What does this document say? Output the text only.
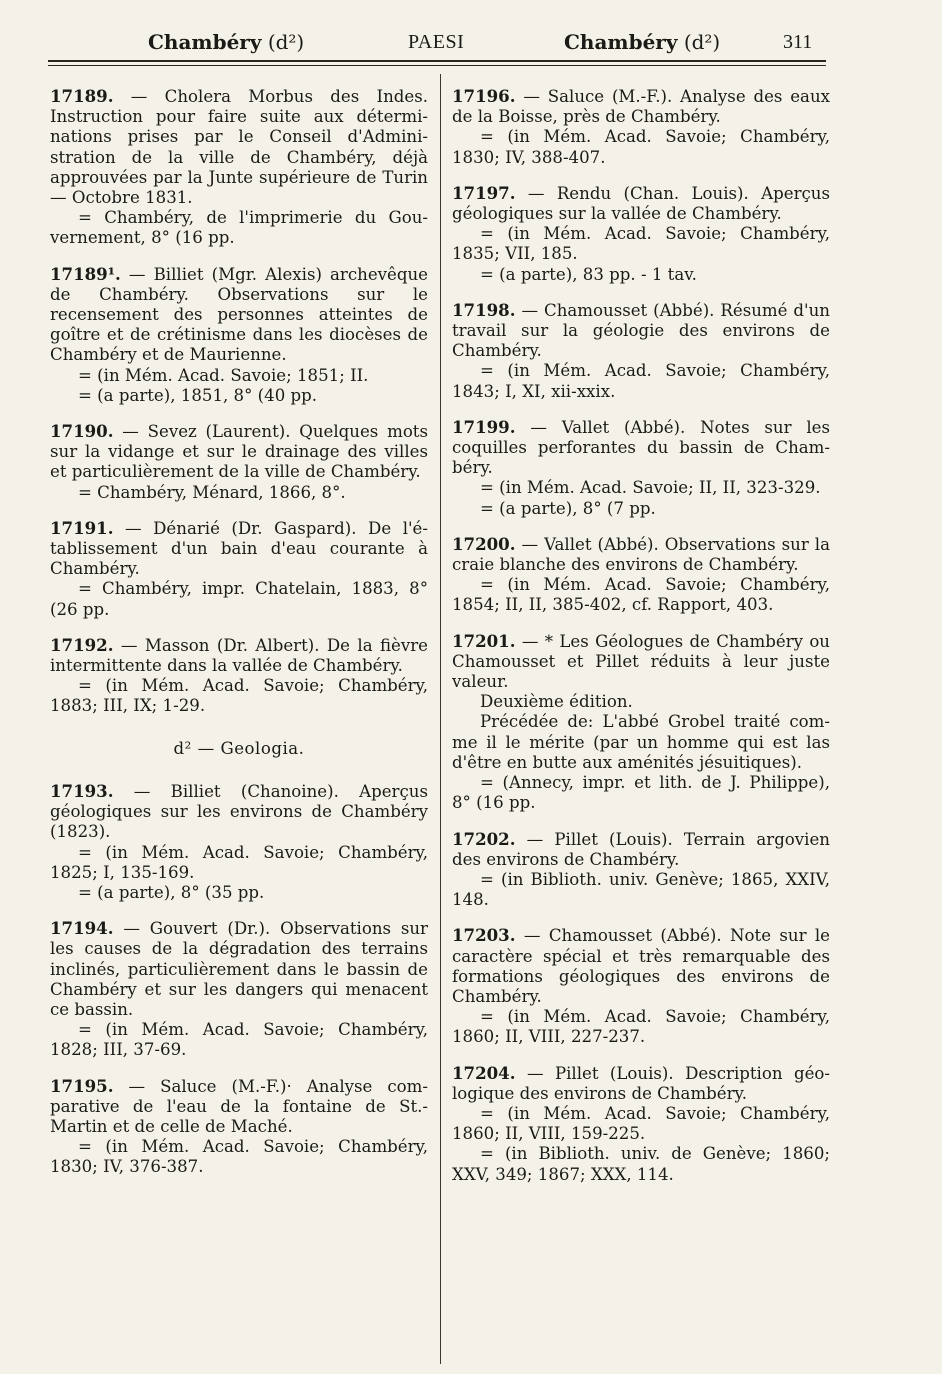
Chambéry (d²)	PAESI	Chambéry (d²)	311

17189. — Cholera Morbus des Indes. Instruction pour faire suite aux déterminations prises par le Conseil d'Administration de la ville de Chambéry, déjà approuvées par la Junte supérieure de Turin — Octobre 1831.

= Chambéry, de l'imprimerie du Gouvernement, 8° (16 pp.

17189¹. — Billiet (Mgr. Alexis) archevêque de Chambéry. Observations sur le recensement des personnes atteintes de goître et de crétinisme dans les diocèses de Chambéry et de Maurienne.

= (in Mém. Acad. Savoie; 1851; II.

= (a parte), 1851, 8° (40 pp.

17190. — Sevez (Laurent). Quelques mots sur la vidange et sur le drainage des villes et particulièrement de la ville de Chambéry.

= Chambéry, Ménard, 1866, 8°.

17191. — Dénarié (Dr. Gaspard). De l'établissement d'un bain d'eau courante à Chambéry.

= Chambéry, impr. Chatelain, 1883, 8° (26 pp.

17192. — Masson (Dr. Albert). De la fièvre intermittente dans la vallée de Chambéry.

= (in Mém. Acad. Savoie; Chambéry, 1883; III, IX; 1-29.

d² — Geologia.

17193. — Billiet (Chanoine). Aperçus géologiques sur les environs de Chambéry (1823).

= (in Mém. Acad. Savoie; Chambéry, 1825; I, 135-169.

= (a parte), 8° (35 pp.

17194. — Gouvert (Dr.). Observations sur les causes de la dégradation des terrains inclinés, particulièrement dans le bassin de Chambéry et sur les dangers qui menacent ce bassin.

= (in Mém. Acad. Savoie; Chambéry, 1828; III, 37-69.

17195. — Saluce (M.-F.)· Analyse comparative de l'eau de la fontaine de St.-Martin et de celle de Maché.

= (in Mém. Acad. Savoie; Chambéry, 1830; IV, 376-387.

17196. — Saluce (M.-F.). Analyse des eaux de la Boisse, près de Chambéry.

= (in Mém. Acad. Savoie; Chambéry, 1830; IV, 388-407.

17197. — Rendu (Chan. Louis). Aperçus géologiques sur la vallée de Chambéry.

= (in Mém. Acad. Savoie; Chambéry, 1835; VII, 185.

= (a parte), 83 pp. - 1 tav.

17198. — Chamousset (Abbé). Résumé d'un travail sur la géologie des environs de Chambéry.

= (in Mém. Acad. Savoie; Chambéry, 1843; I, XI, xii-xxix.

17199. — Vallet (Abbé). Notes sur les coquilles perforantes du bassin de Chambéry.

= (in Mém. Acad. Savoie; II, II, 323-329.

= (a parte), 8° (7 pp.

17200. — Vallet (Abbé). Observations sur la craie blanche des environs de Chambéry.

= (in Mém. Acad. Savoie; Chambéry, 1854; II, II, 385-402, cf. Rapport, 403.

17201. — * Les Géologues de Chambéry ou Chamousset et Pillet réduits à leur juste valeur.

Deuxième édition.

Précédée de: L'abbé Grobel traité comme il le mérite (par un homme qui est las d'être en butte aux aménités jésuitiques).

= (Annecy, impr. et lith. de J. Philippe), 8° (16 pp.

17202. — Pillet (Louis). Terrain argovien des environs de Chambéry.

= (in Biblioth. univ. Genève; 1865, XXIV, 148.

17203. — Chamousset (Abbé). Note sur le caractère spécial et très remarquable des formations géologiques des environs de Chambéry.

= (in Mém. Acad. Savoie; Chambéry, 1860; II, VIII, 227-237.

17204. — Pillet (Louis). Description géologique des environs de Chambéry.

= (in Mém. Acad. Savoie; Chambéry, 1860; II, VIII, 159-225.

= (in Biblioth. univ. de Genève; 1860; XXV, 349; 1867; XXX, 114.
